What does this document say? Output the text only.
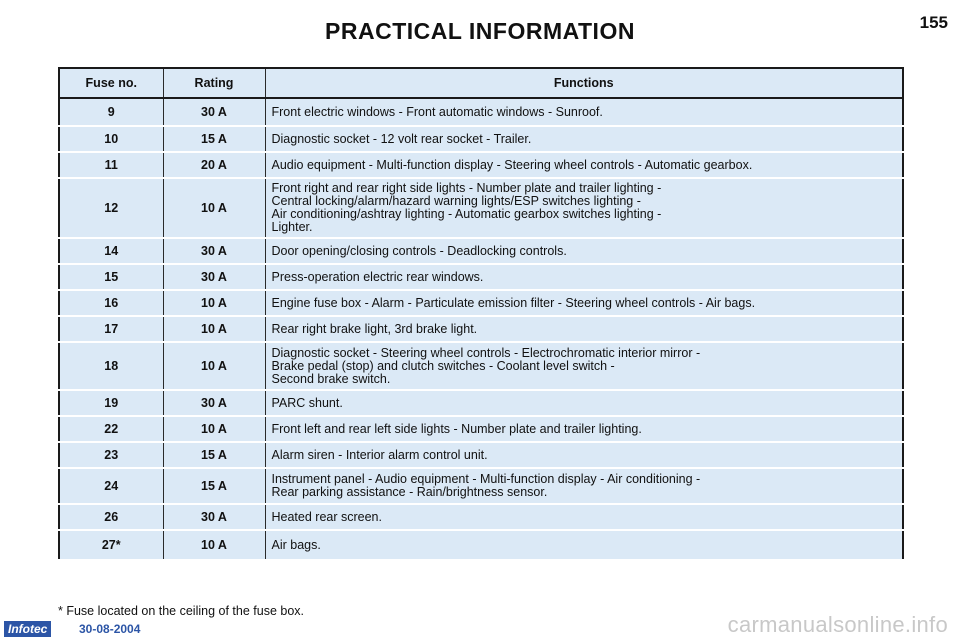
PRACTICAL INFORMATION	155
Fuse no.	Rating	Functions
9	30 A	Front electric windows - Front automatic windows - Sunroof.

10	15 A	Diagnostic socket - 12 volt rear socket - Trailer.

11	20 A	Audio equipment - Multi-function display - Steering wheel controls - Automatic gearbox.

12	10 A	Front right and rear right side lights - Number plate and trailer lighting -
Central locking/alarm/hazard warning lights/ESP switches lighting -
Air conditioning/ashtray lighting - Automatic gearbox switches lighting -
Lighter.

14	30 A	Door opening/closing controls - Deadlocking controls.

15	30 A	Press-operation electric rear windows.

16	10 A	Engine fuse box - Alarm - Particulate emission filter - Steering wheel controls - Air bags.

17	10 A	Rear right brake light, 3rd brake light.

18	10 A	Diagnostic socket - Steering wheel controls - Electrochromatic interior mirror -
Brake pedal (stop) and clutch switches - Coolant level switch -
Second brake switch.

19	30 A	PARC shunt.

22	10 A	Front left and rear left side lights - Number plate and trailer lighting.

23	15 A	Alarm siren - Interior alarm control unit.

24	15 A	Instrument panel - Audio equipment - Multi-function display - Air conditioning -
Rear parking assistance - Rain/brightness sensor.

26	30 A	Heated rear screen.

27*	10 A	Air bags.
* Fuse located on the ceiling of the fuse box.
Infotec	30-08-2004	carmanualsonline.info
